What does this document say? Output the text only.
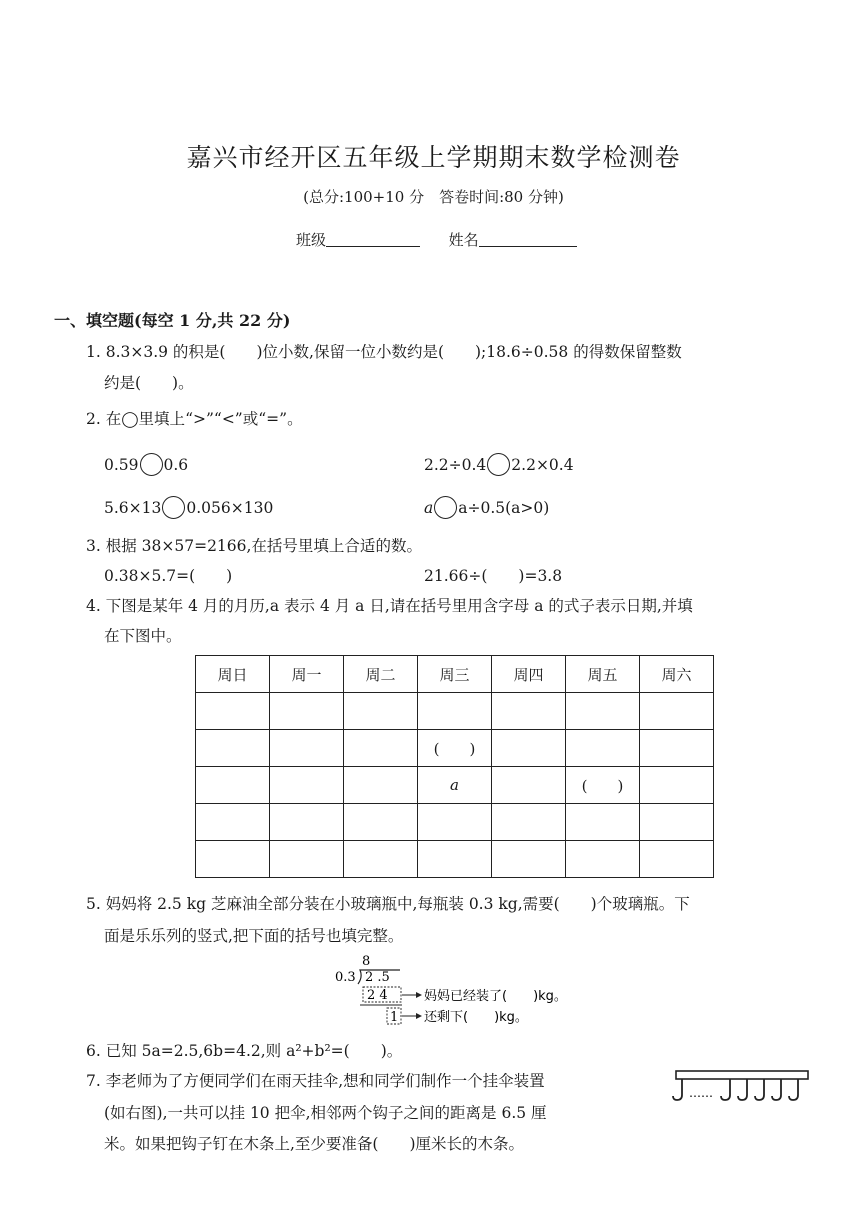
嘉兴市经开区五年级上学期期末数学检测卷
(总分:100+10 分　答卷时间:80 分钟)
班级	姓名
一、填空题(每空 1 分,共 22 分)
1. 8.3×3.9 的积是(　　)位小数,保留一位小数约是(　　);18.6÷0.58 的得数保留整数
约是(　　)。
2. 在◯里填上“>”“<”或“=”。
0.59 0.6	2.2÷0.4 2.2×0.4
5.6×13 0.056×130	a a÷0.5(a>0)
3. 根据 38×57=2166,在括号里填上合适的数。
0.38×5.7=(　　)	21.66÷(　　)=3.8
4. 下图是某年 4 月的月历,a 表示 4 月 a 日,请在括号里用含字母 a 的式子表示日期,并填
在下图中。
周日	周一	周二	周三	周四	周五	周六

			(　　)			
			a		(　　)	

5. 妈妈将 2.5 kg 芝麻油全部分装在小玻璃瓶中,每瓶装 0.3 kg,需要(　　)个玻璃瓶。下
面是乐乐列的竖式,把下面的括号也填完整。
8
0.3 2 .5
2 4	妈妈已经装了(　　)kg。
1 还剩下(　　)kg。
6. 已知 5a=2.5,6b=4.2,则 a²+b²=(　　)。
7. 李老师为了方便同学们在雨天挂伞,想和同学们制作一个挂伞装置
(如右图),一共可以挂 10 把伞,相邻两个钩子之间的距离是 6.5 厘
米。如果把钩子钉在木条上,至少要准备(　　)厘米长的木条。
……
